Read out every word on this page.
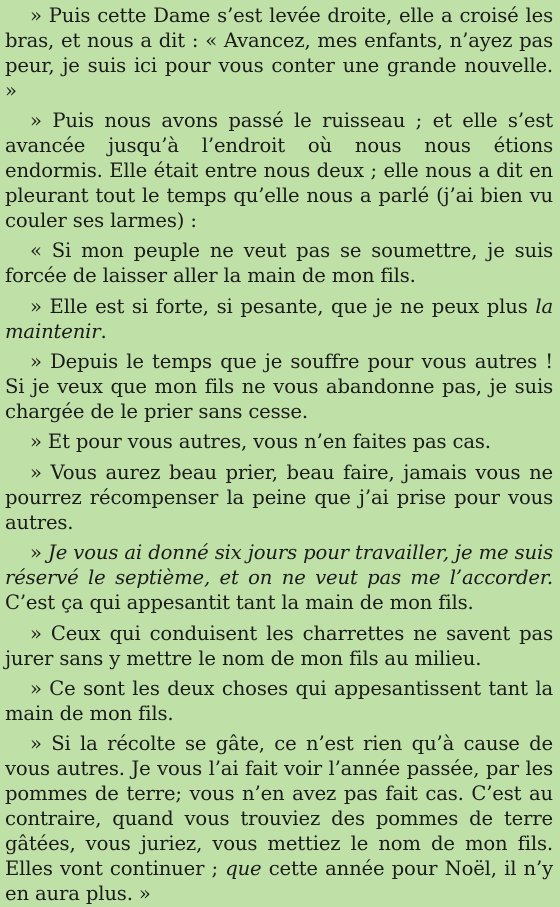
» Puis cette Dame s’est levée droite, elle a croisé les bras, et nous a dit : « Avancez, mes enfants, n’ayez pas peur, je suis ici pour vous conter une grande nouvelle. »

» Puis nous avons passé le ruisseau ; et elle s’est avancée jusqu’à l’endroit où nous nous étions endormis. Elle était entre nous deux ; elle nous a dit en pleurant tout le temps qu’elle nous a parlé (j’ai bien vu couler ses larmes) :

« Si mon peuple ne veut pas se soumettre, je suis forcée de laisser aller la main de mon fils.

» Elle est si forte, si pesante, que je ne peux plus la maintenir.

» Depuis le temps que je souffre pour vous autres ! Si je veux que mon fils ne vous abandonne pas, je suis chargée de le prier sans cesse.

» Et pour vous autres, vous n’en faites pas cas.

» Vous aurez beau prier, beau faire, jamais vous ne pourrez récompenser la peine que j’ai prise pour vous autres.

» Je vous ai donné six jours pour travailler, je me suis réservé le septième, et on ne veut pas me l’accorder. C’est ça qui appesantit tant la main de mon fils.

» Ceux qui conduisent les charrettes ne savent pas jurer sans y mettre le nom de mon fils au milieu.

» Ce sont les deux choses qui appesantissent tant la main de mon fils.

» Si la récolte se gâte, ce n’est rien qu’à cause de vous autres. Je vous l’ai fait voir l’année passée, par les pommes de terre; vous n’en avez pas fait cas. C’est au contraire, quand vous trouviez des pommes de terre gâtées, vous juriez, vous mettiez le nom de mon fils. Elles vont continuer ; que cette année pour Noël, il n’y en aura plus. »
